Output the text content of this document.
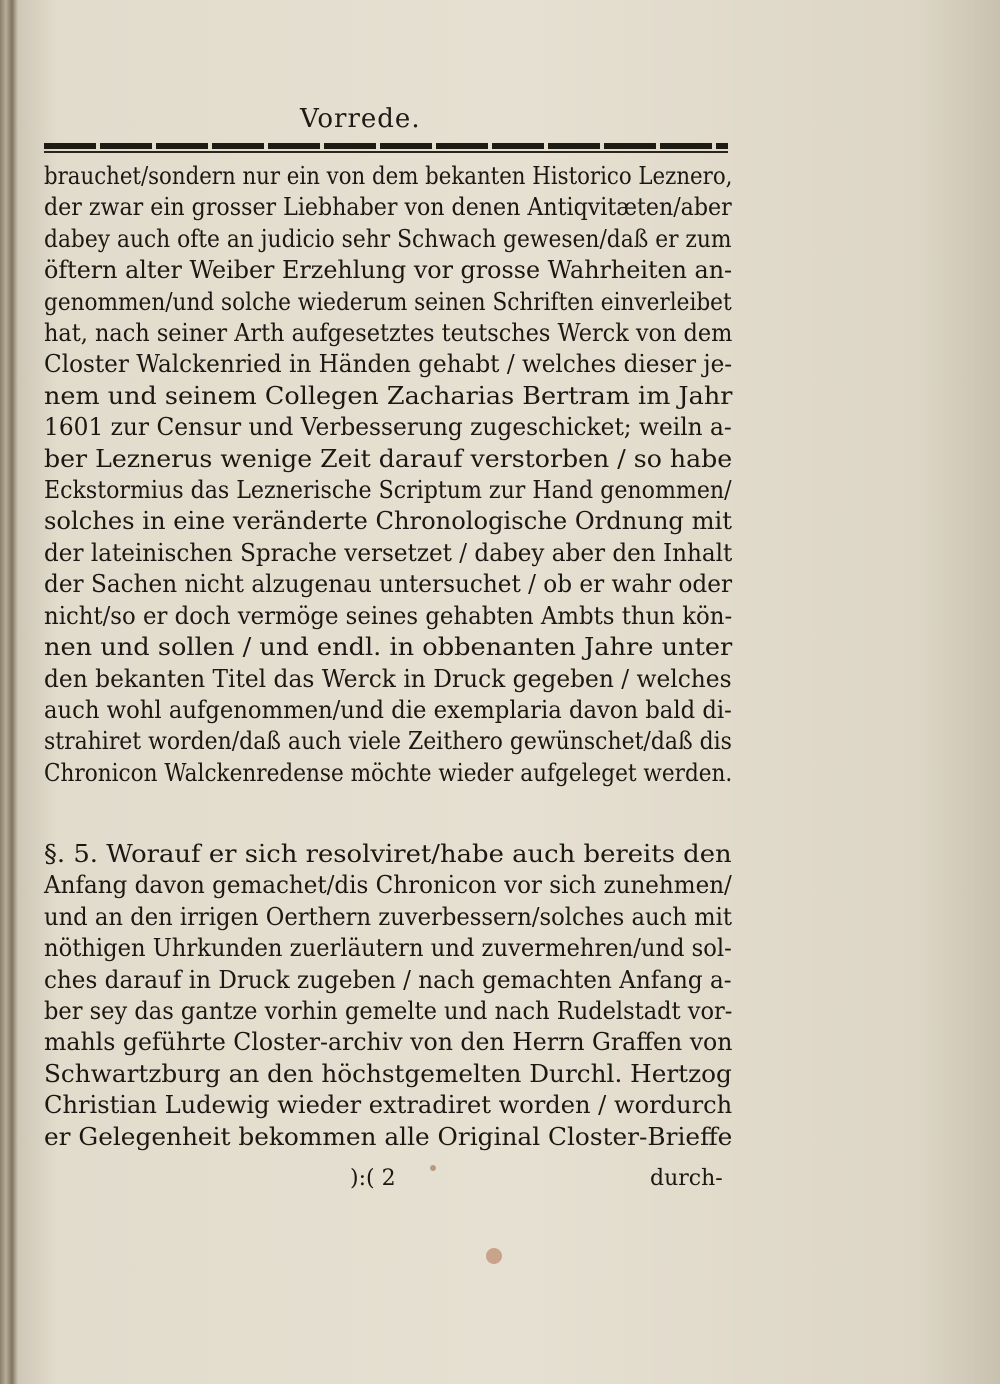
Vorrede.
brauchet/sondern nur ein von dem bekanten Historico Leznero,
der zwar ein grosser Liebhaber von denen Antiqvitæten/aber
dabey auch ofte an judicio sehr Schwach gewesen/daß er zum
öftern alter Weiber Erzehlung vor grosse Wahrheiten an-
genommen/und solche wiederum seinen Schriften einverleibet
hat, nach seiner Arth aufgesetztes teutsches Werck von dem
Closter Walckenried in Händen gehabt / welches dieser je-
nem und seinem Collegen Zacharias Bertram im Jahr
1601 zur Censur und Verbesserung zugeschicket; weiln a-
ber Leznerus wenige Zeit darauf verstorben / so habe
Eckstormius das Leznerische Scriptum zur Hand genommen/
solches in eine veränderte Chronologische Ordnung mit
der lateinischen Sprache versetzet / dabey aber den Inhalt
der Sachen nicht alzugenau untersuchet / ob er wahr oder
nicht/so er doch vermöge seines gehabten Ambts thun kön-
nen und sollen / und endl. in obbenanten Jahre unter
den bekanten Titel das Werck in Druck gegeben / welches
auch wohl aufgenommen/und die exemplaria davon bald di-
strahiret worden/daß auch viele Zeithero gewünschet/daß dis
Chronicon Walckenredense möchte wieder aufgeleget werden.
§. 5. Worauf er sich resolviret/habe auch bereits den
Anfang davon gemachet/dis Chronicon vor sich zunehmen/
und an den irrigen Oerthern zuverbessern/solches auch mit
nöthigen Uhrkunden zuerläutern und zuvermehren/und sol-
ches darauf in Druck zugeben / nach gemachten Anfang a-
ber sey das gantze vorhin gemelte und nach Rudelstadt vor-
mahls geführte Closter-archiv von den Herrn Graffen von
Schwartzburg an den höchstgemelten Durchl. Hertzog
Christian Ludewig wieder extradiret worden / wordurch
er Gelegenheit bekommen alle Original Closter-Brieffe
):( 2	durch-
